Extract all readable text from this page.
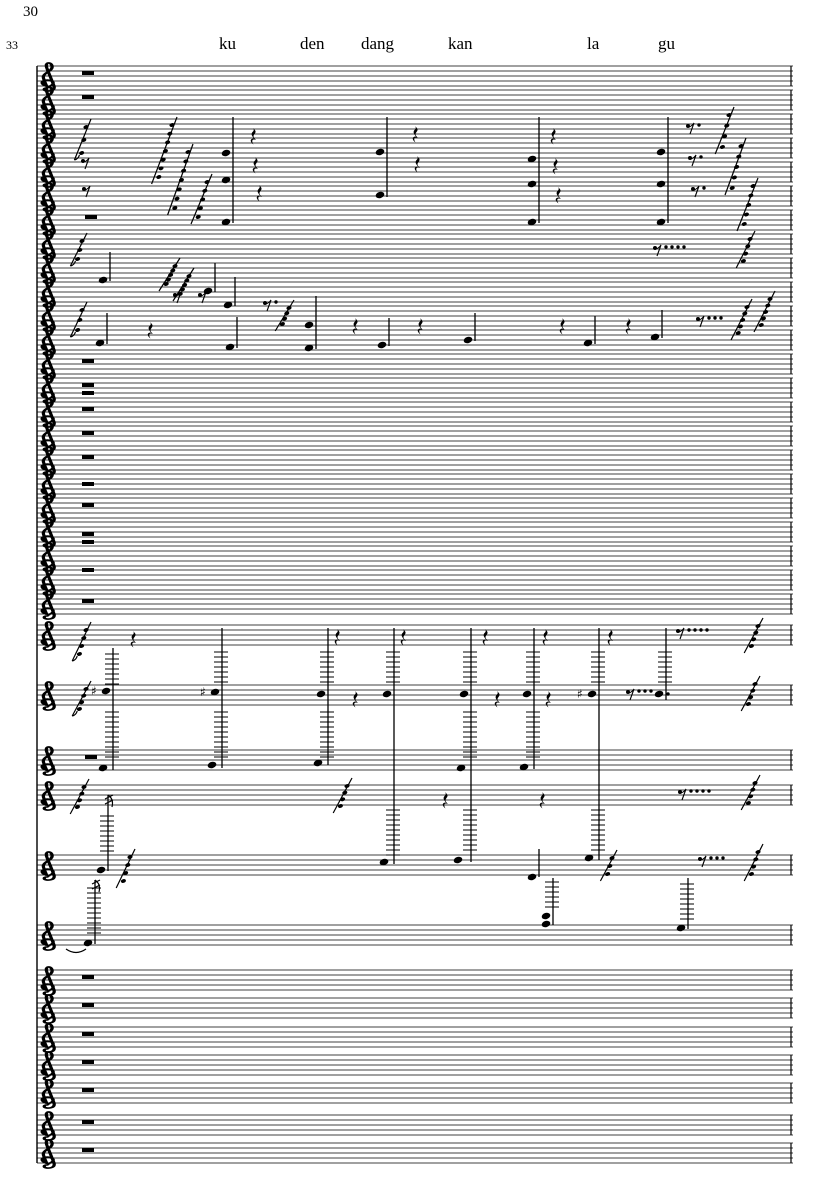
30
33	ku	den dang	kan	la	gu
♯	♯	♯
